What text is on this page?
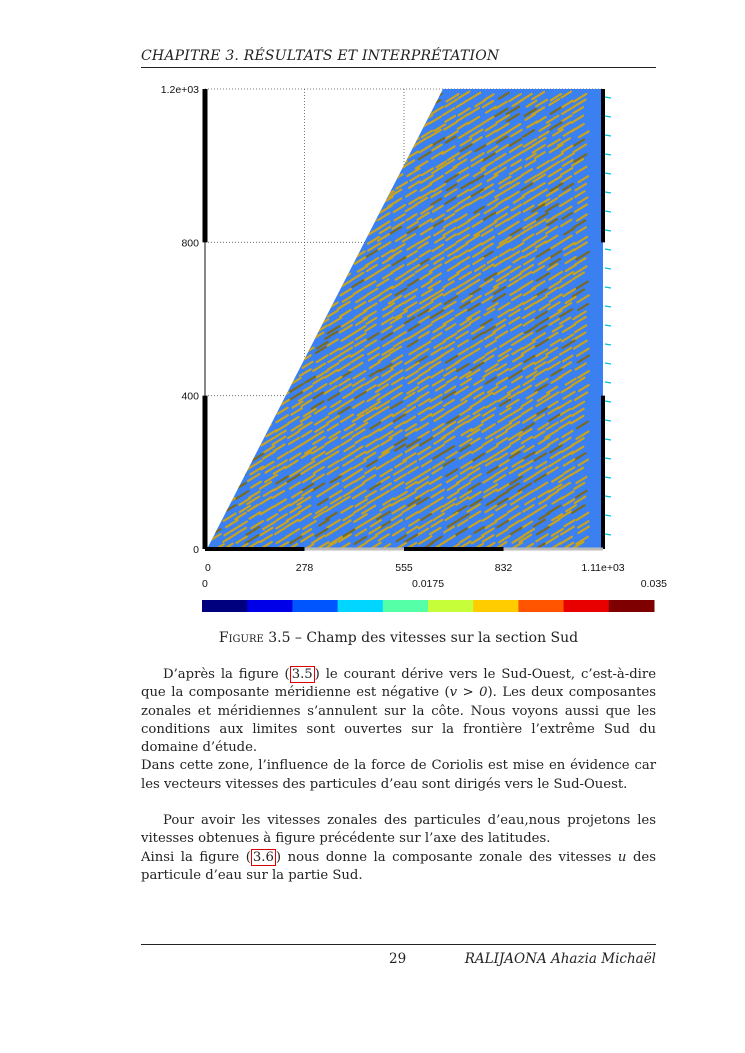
CHAPITRE 3. RÉSULTATS ET INTERPRÉTATION
0
400
800
1.2e+03
0	278	555	832	1.11e+03
0	0.0175	0.035
Figure 3.5 – Champ des vitesses sur la section Sud

D’après la figure ( 3.5 ) le courant dérive vers le Sud-Ouest, c’est-à-dire que la composante méridienne est négative (v > 0). Les deux composantes zonales et méridiennes s’annulent sur la côte. Nous voyons aussi que les conditions aux limites sont ouvertes sur la frontière l’extrême Sud du domaine d’étude.

Dans cette zone, l’influence de la force de Coriolis est mise en évidence car les vecteurs vitesses des particules d’eau sont dirigés vers le Sud-Ouest.

Pour avoir les vitesses zonales des particules d’eau,nous projetons les vitesses obtenues à figure précédente sur l’axe des latitudes.

Ainsi la figure ( 3.6 ) nous donne la composante zonale des vitesses u des particule d’eau sur la partie Sud.

29	RALIJAONA Ahazia Michaël
